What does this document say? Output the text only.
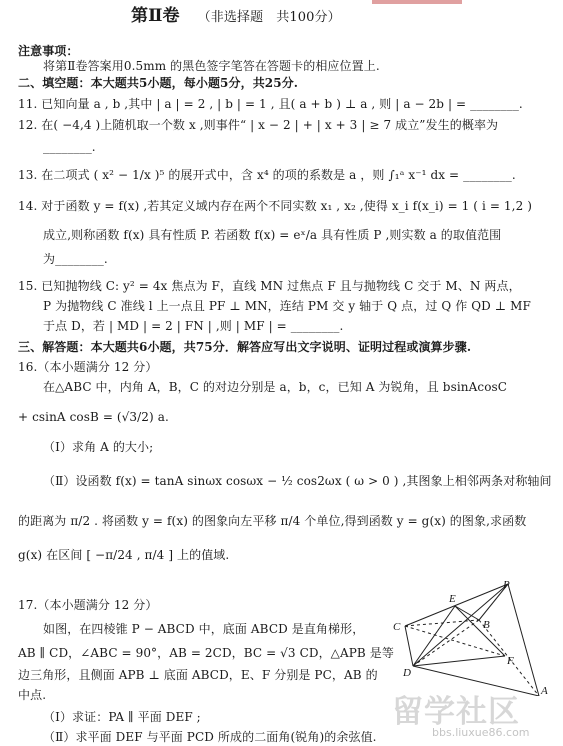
第Ⅱ卷 （非选择题　共100分）
注意事项：
将第Ⅱ卷答案用0.5mm 的黑色签字笔答在答题卡的相应位置上.
二、填空题：本大题共5小题，每小题5分，共25分.
11. 已知向量 a , b ,其中 | a | = 2 , | b | = 1 , 且( a + b ) ⊥ a , 则 | a − 2b | = ________.
12. 在( −4,4 )上随机取一个数 x ,则事件“ | x − 2 | + | x + 3 | ≥ 7 成立”发生的概率为
________.
13. 在二项式 ( x² − 1/x )⁵ 的展开式中，含 x⁴ 的项的系数是 a ，则 ∫₁ᵃ x⁻¹ dx = ________.
14. 对于函数 y = f(x) ,若其定义域内存在两个不同实数 x₁ , x₂ ,使得 x_i f(x_i) = 1 ( i = 1,2 )
成立,则称函数 f(x) 具有性质 P. 若函数 f(x) = eˣ/a 具有性质 P ,则实数 a 的取值范围
为________.
15. 已知抛物线 C: y² = 4x 焦点为 F，直线 MN 过焦点 F 且与抛物线 C 交于 M、N 两点，
P 为抛物线 C 准线 l 上一点且 PF ⊥ MN，连结 PM 交 y 轴于 Q 点，过 Q 作 QD ⊥ MF
于点 D，若 | MD | = 2 | FN | ,则 | MF | = ________.
三、解答题：本大题共6小题，共75分．解答应写出文字说明、证明过程或演算步骤.
16.（本小题满分 12 分）
在△ABC 中，内角 A，B，C 的对边分别是 a，b，c，已知 A 为锐角，且 bsinAcosC
+ csinA cosB = (√3/2) a.
（Ⅰ）求角 A 的大小;
（Ⅱ）设函数 f(x) = tanA sinωx cosωx − ½ cos2ωx ( ω > 0 ) ,其图象上相邻两条对称轴间
的距离为 π/2 . 将函数 y = f(x) 的图象向左平移 π/4 个单位,得到函数 y = g(x) 的图象,求函数
g(x) 在区间 [ −π/24 , π/4 ] 上的值域.
17.（本小题满分 12 分）
如图，在四棱锥 P − ABCD 中，底面 ABCD 是直角梯形，
AB ∥ CD，∠ABC = 90°，AB = 2CD，BC = √3 CD，△APB 是等
边三角形，且侧面 APB ⊥ 底面 ABCD，E、F 分别是 PC，AB 的
中点.
（Ⅰ）求证：PA ∥ 平面 DEF ;
（Ⅱ）求平面 DEF 与平面 PCD 所成的二面角(锐角)的余弦值.
P
E
C	B
D
F
A
留学社区
bbs.liuxue86.com
